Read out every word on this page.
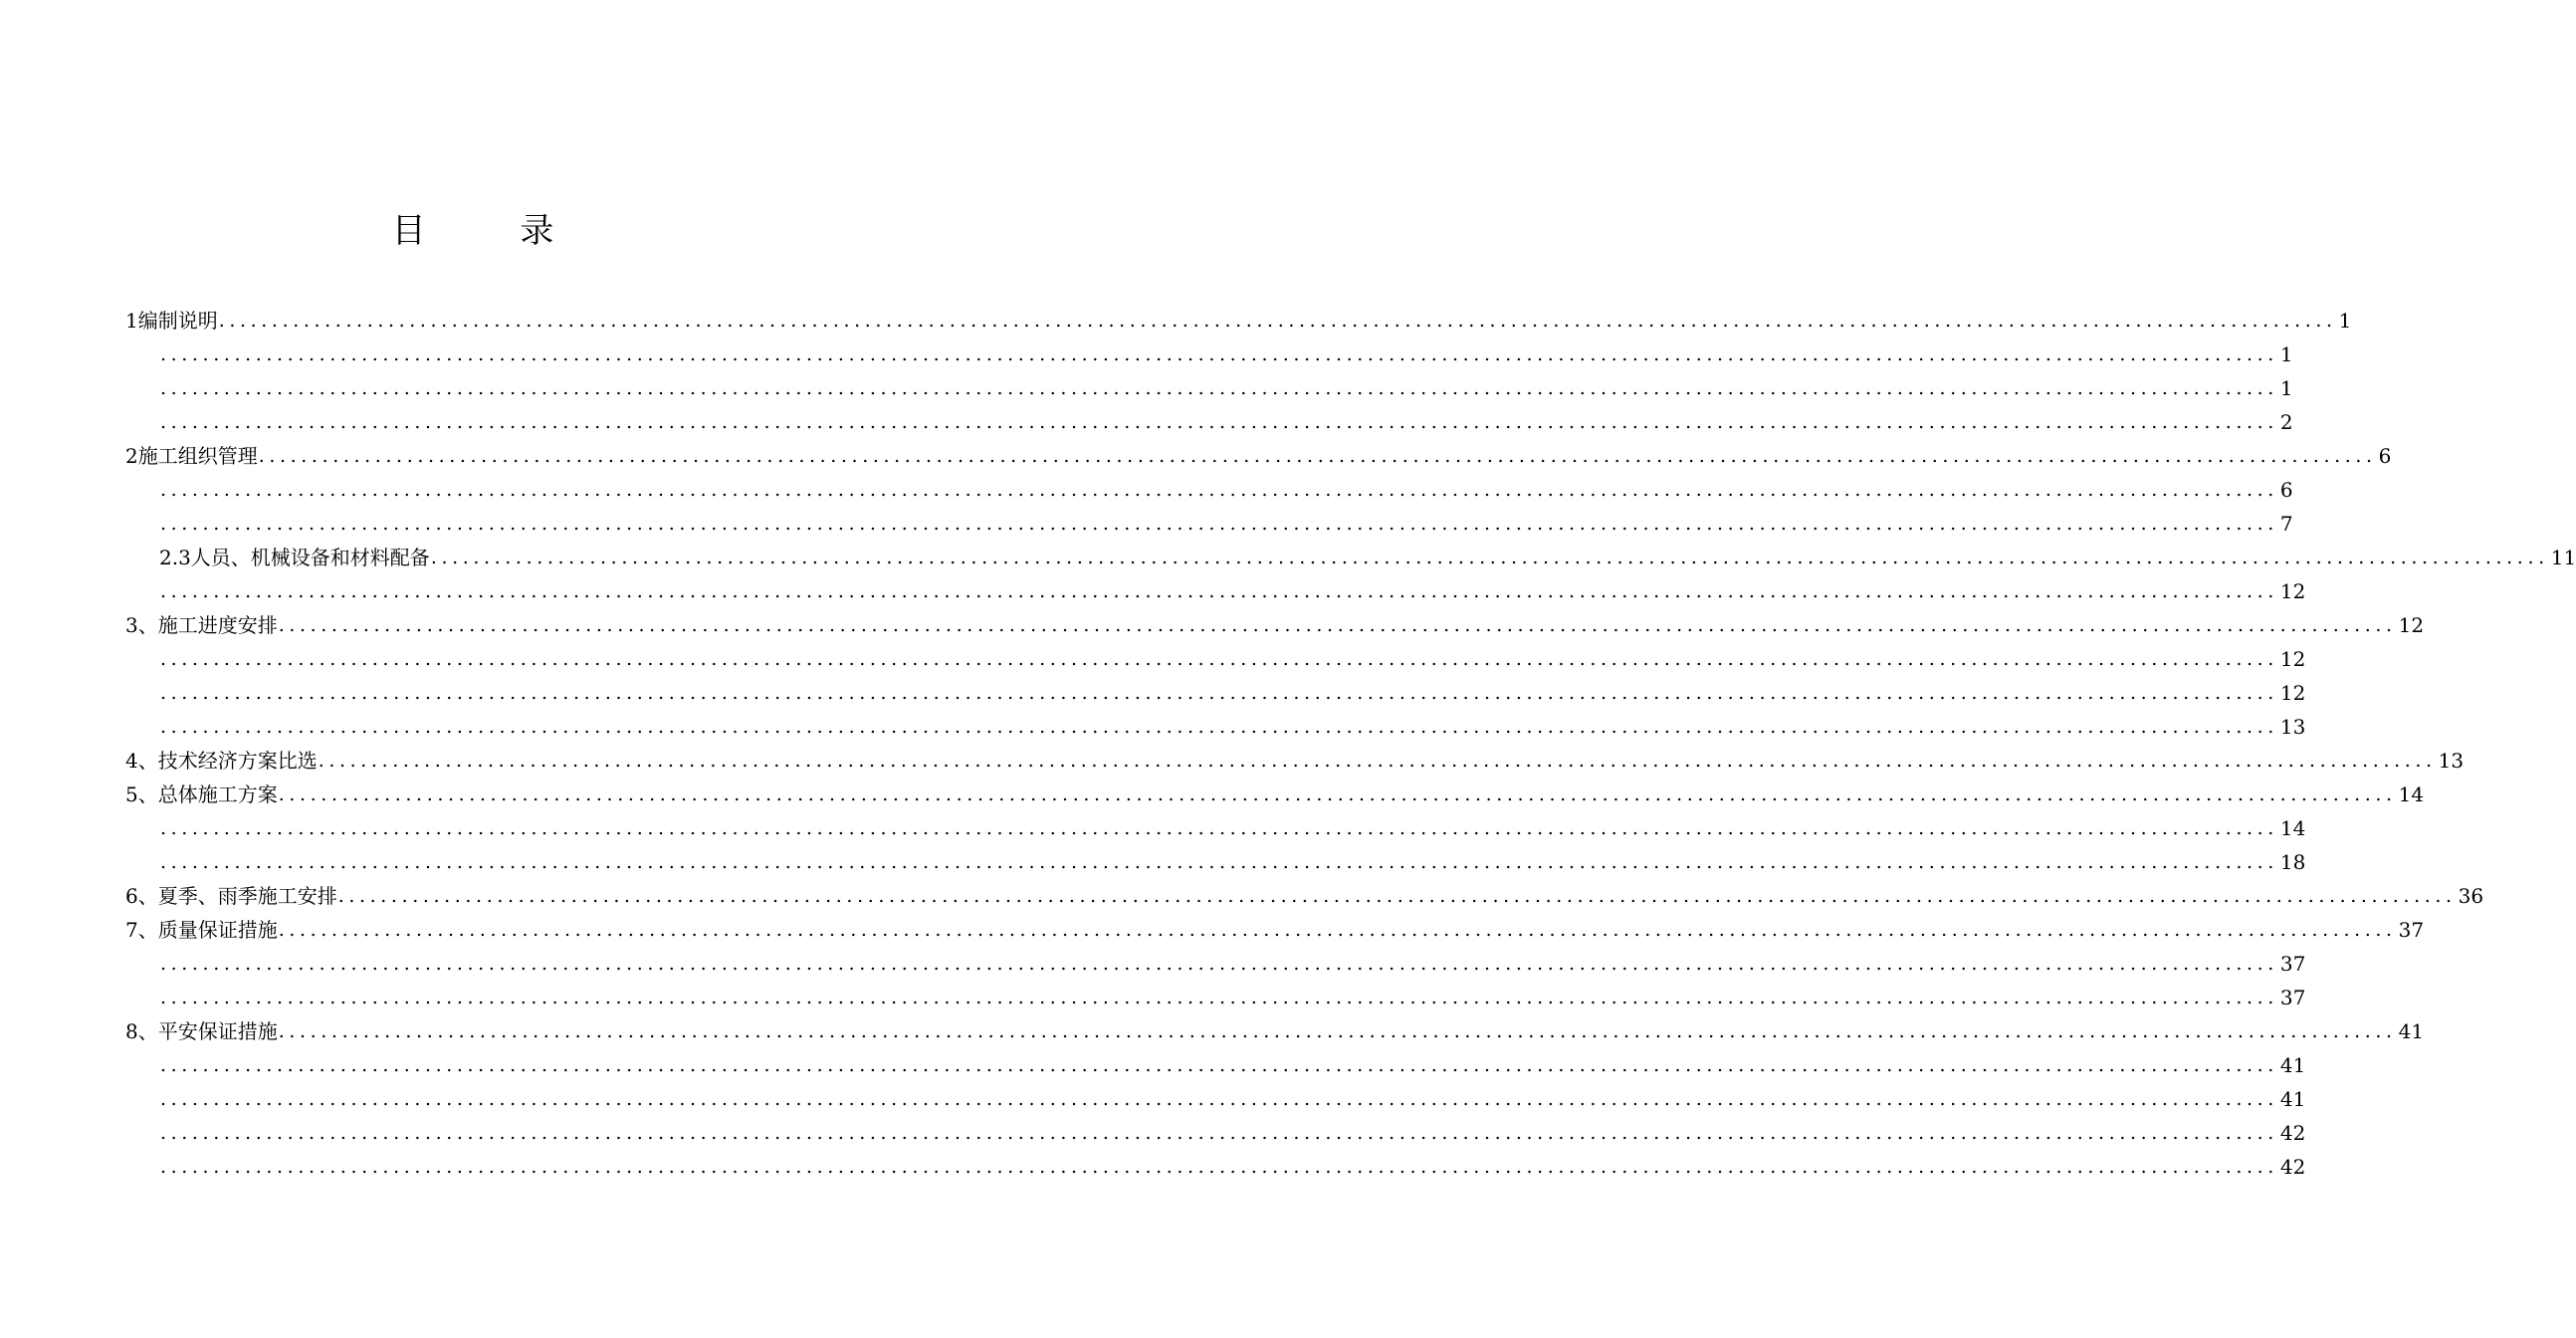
目 录
1编制说明 ........................................................................................................................................................................................................ 1
........................................................................................................................................................................................................ 1
........................................................................................................................................................................................................ 1
........................................................................................................................................................................................................ 2
2施工组织管理 ........................................................................................................................................................................................................ 6
........................................................................................................................................................................................................ 6
........................................................................................................................................................................................................ 7
2.3人员、机械设备和材料配备 ........................................................................................................................................................................................................ 11
........................................................................................................................................................................................................ 12
3、施工进度安排 ........................................................................................................................................................................................................ 12
........................................................................................................................................................................................................ 12
........................................................................................................................................................................................................ 12
........................................................................................................................................................................................................ 13
4、技术经济方案比选 ........................................................................................................................................................................................................ 13
5、总体施工方案 ........................................................................................................................................................................................................ 14
........................................................................................................................................................................................................ 14
........................................................................................................................................................................................................ 18
6、夏季、雨季施工安排 ........................................................................................................................................................................................................ 36
7、质量保证措施 ........................................................................................................................................................................................................ 37
........................................................................................................................................................................................................ 37
........................................................................................................................................................................................................ 37
8、平安保证措施 ........................................................................................................................................................................................................ 41
........................................................................................................................................................................................................ 41
........................................................................................................................................................................................................ 41
........................................................................................................................................................................................................ 42
........................................................................................................................................................................................................ 42
